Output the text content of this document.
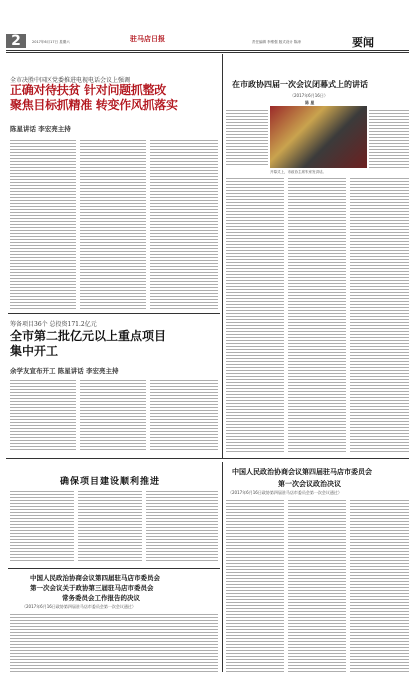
2	2017年6月17日 星期六	驻马店日报	责任编辑 李维强 版式设计 陈涛	要闻
全市决胜中国区党委推进电视电话会议上强调
正确对待扶贫 针对问题抓整改
聚焦目标抓精准 转变作风抓落实
陈星讲话 李宏亮主持
筹备项目36个 总投资171.2亿元
全市第二批亿元以上重点项目
集中开工
余学友宣布开工 陈星讲话 李宏亮主持
在市政协四届一次会议闭幕式上的讲话
（2017年6月16日）
陈 星
开幕式上，市政协主席朱家发讲话。
确保项目建设顺利推进
中国人民政治协商会议第四届驻马店市委员会
第一次会议关于政协第三届驻马店市委员会
常务委员会工作报告的决议
（2017年6月16日政协第四届驻马店市委员会第一次会议通过）
中国人民政治协商会议第四届驻马店市委员会
第一次会议政治决议
（2017年6月16日政协第四届驻马店市委员会第一次会议通过）
